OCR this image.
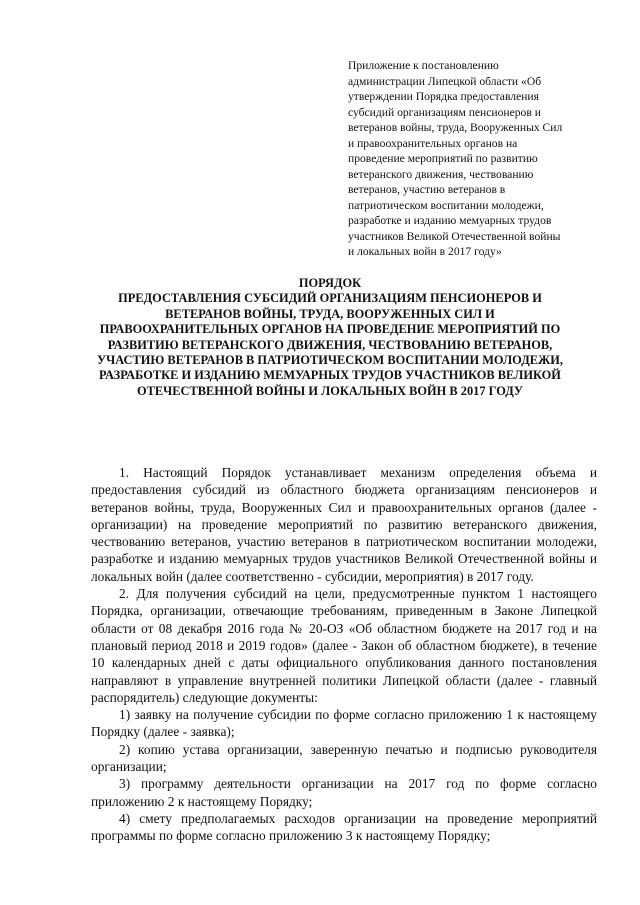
Приложение к постановлению
администрации Липецкой области «Об
утверждении Порядка предоставления
субсидий организациям пенсионеров и
ветеранов войны, труда, Вооруженных Сил
и правоохранительных органов на
проведение мероприятий по развитию
ветеранского движения, чествованию
ветеранов, участию ветеранов в
патриотическом воспитании молодежи,
разработке и изданию мемуарных трудов
участников Великой Отечественной войны
и локальных войн в 2017 году»
ПОРЯДОК
ПРЕДОСТАВЛЕНИЯ СУБСИДИЙ ОРГАНИЗАЦИЯМ ПЕНСИОНЕРОВ И
ВЕТЕРАНОВ ВОЙНЫ, ТРУДА, ВООРУЖЕННЫХ СИЛ И
ПРАВООХРАНИТЕЛЬНЫХ ОРГАНОВ НА ПРОВЕДЕНИЕ МЕРОПРИЯТИЙ ПО
РАЗВИТИЮ ВЕТЕРАНСКОГО ДВИЖЕНИЯ, ЧЕСТВОВАНИЮ ВЕТЕРАНОВ,
УЧАСТИЮ ВЕТЕРАНОВ В ПАТРИОТИЧЕСКОМ ВОСПИТАНИИ МОЛОДЕЖИ,
РАЗРАБОТКЕ И ИЗДАНИЮ МЕМУАРНЫХ ТРУДОВ УЧАСТНИКОВ ВЕЛИКОЙ
ОТЕЧЕСТВЕННОЙ ВОЙНЫ И ЛОКАЛЬНЫХ ВОЙН В 2017 ГОДУ

1. Настоящий Порядок устанавливает механизм определения объема и предоставления субсидий из областного бюджета организациям пенсионеров и ветеранов войны, труда, Вооруженных Сил и правоохранительных органов (далее - организации) на проведение мероприятий по развитию ветеранского движения, чествованию ветеранов, участию ветеранов в патриотическом воспитании молодежи, разработке и изданию мемуарных трудов участников Великой Отечественной войны и локальных войн (далее соответственно - субсидии, мероприятия) в 2017 году.

2. Для получения субсидий на цели, предусмотренные пунктом 1 настоящего Порядка, организации, отвечающие требованиям, приведенным в Законе Липецкой области от 08 декабря 2016 года № 20-ОЗ «Об областном бюджете на 2017 год и на плановый период 2018 и 2019 годов» (далее - Закон об областном бюджете), в течение 10 календарных дней с даты официального опубликования данного постановления направляют в управление внутренней политики Липецкой области (далее - главный распорядитель) следующие документы:

1) заявку на получение субсидии по форме согласно приложению 1 к настоящему Порядку (далее - заявка);

2) копию устава организации, заверенную печатью и подписью руководителя организации;

3) программу деятельности организации на 2017 год по форме согласно приложению 2 к настоящему Порядку;

4) смету предполагаемых расходов организации на проведение мероприятий программы по форме согласно приложению 3 к настоящему Порядку;
